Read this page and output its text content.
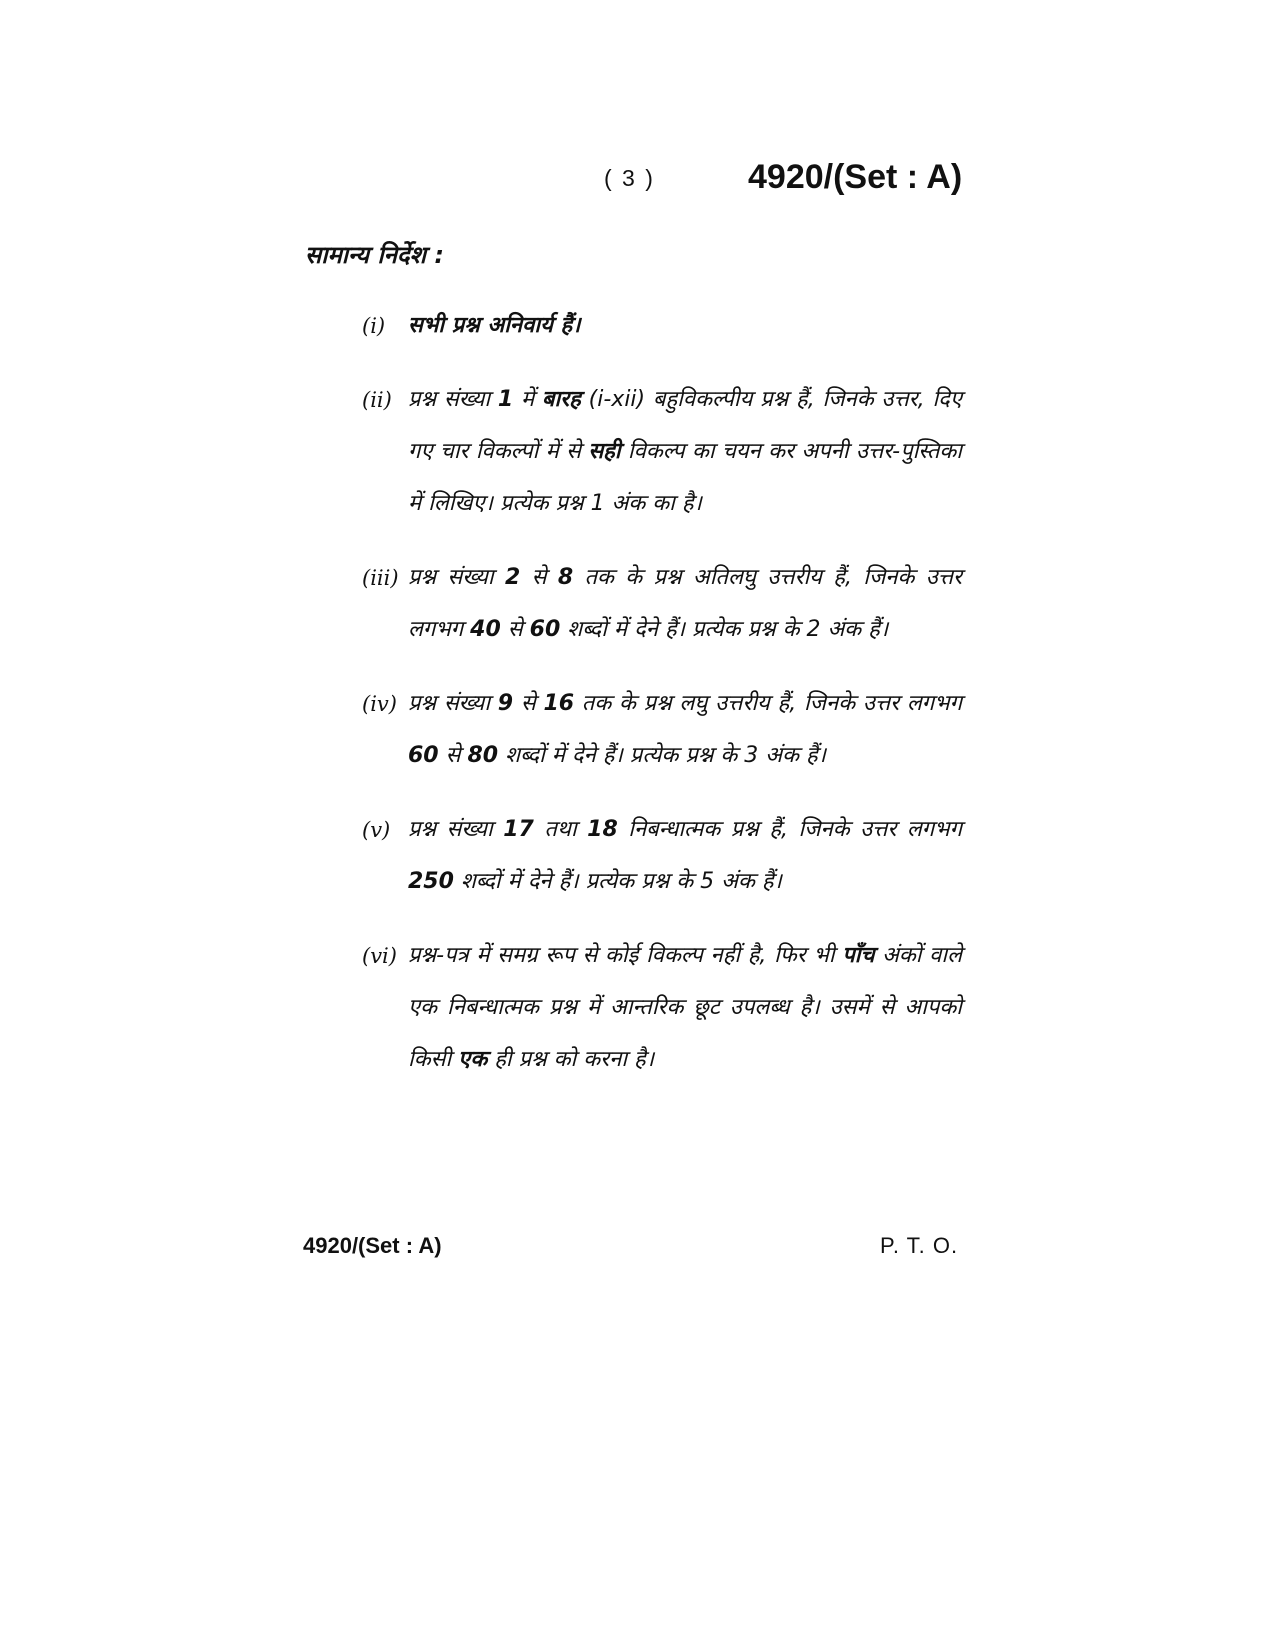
( 3 )	4920/(Set : A)
सामान्य निर्देश :
(i)	सभी प्रश्न अनिवार्य हैं।
(ii) प्रश्न संख्या 1 में बारह (i-xii) बहुविकल्पीय प्रश्न हैं, जिनके उत्तर, दिए गए चार विकल्पों में से सही विकल्प का चयन कर अपनी उत्तर-पुस्तिका में लिखिए। प्रत्येक प्रश्न 1 अंक का है।
(iii) प्रश्न संख्या 2 से 8 तक के प्रश्न अतिलघु उत्तरीय हैं, जिनके उत्तर लगभग 40 से 60 शब्दों में देने हैं। प्रत्येक प्रश्न के 2 अंक हैं।
(iv) प्रश्न संख्या 9 से 16 तक के प्रश्न लघु उत्तरीय हैं, जिनके उत्तर लगभग 60 से 80 शब्दों में देने हैं। प्रत्येक प्रश्न के 3 अंक हैं।
(v) प्रश्न संख्या 17 तथा 18 निबन्धात्मक प्रश्न हैं, जिनके उत्तर लगभग 250 शब्दों में देने हैं। प्रत्येक प्रश्न के 5 अंक हैं।
(vi) प्रश्न-पत्र में समग्र रूप से कोई विकल्प नहीं है, फिर भी पाँच अंकों वाले एक निबन्धात्मक प्रश्न में आन्तरिक छूट उपलब्ध है। उसमें से आपको किसी एक ही प्रश्न को करना है।
4920/(Set : A)	P. T. O.
